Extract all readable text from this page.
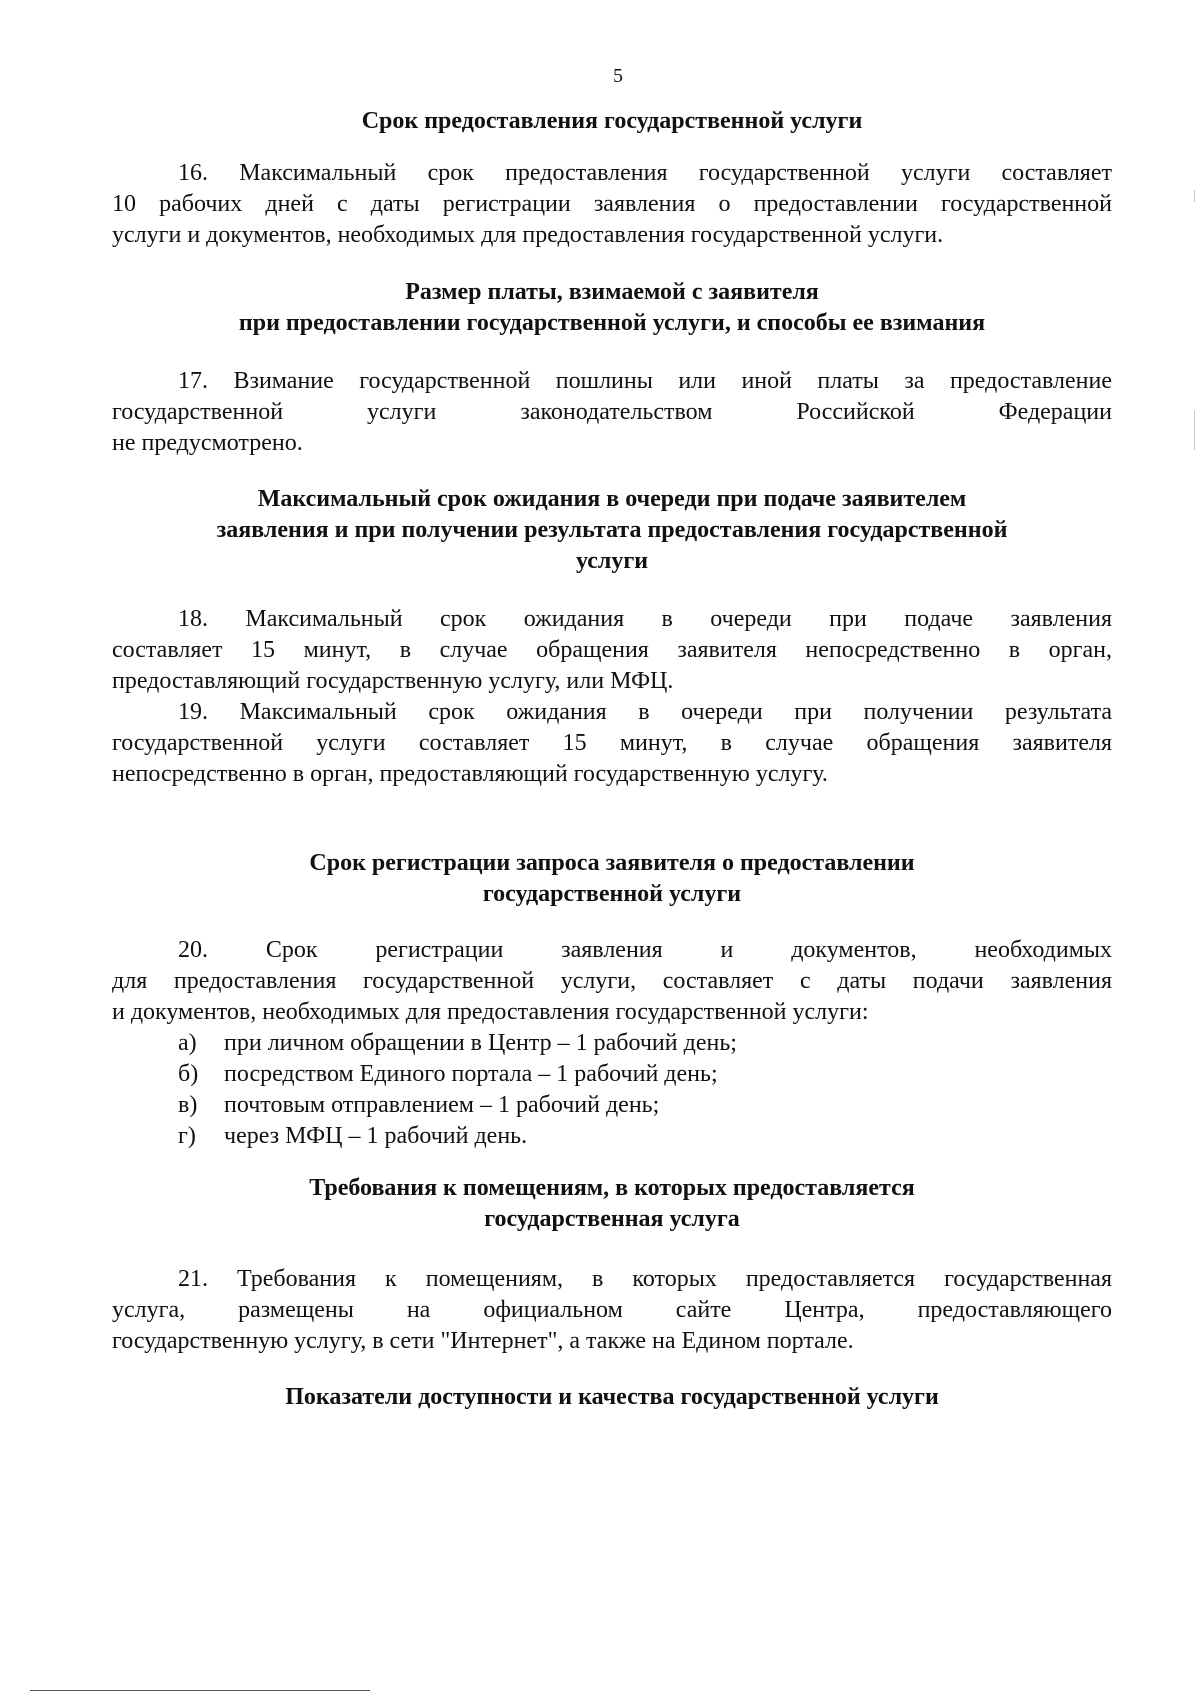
5
Срок предоставления государственной услуги
16. Максимальный срок предоставления государственной услуги составляет
10 рабочих дней с даты регистрации заявления о предоставлении государственной
услуги и документов, необходимых для предоставления государственной услуги.
Размер платы, взимаемой с заявителя
при предоставлении государственной услуги, и способы ее взимания
17. Взимание государственной пошлины или иной платы за предоставление
государственной услуги законодательством Российской Федерации
не предусмотрено.
Максимальный срок ожидания в очереди при подаче заявителем
заявления и при получении результата предоставления государственной
услуги
18. Максимальный срок ожидания в очереди при подаче заявления
составляет 15 минут, в случае обращения заявителя непосредственно в орган,
предоставляющий государственную услугу, или МФЦ.
19. Максимальный срок ожидания в очереди при получении результата
государственной услуги составляет 15 минут, в случае обращения заявителя
непосредственно в орган, предоставляющий государственную услугу.
Срок регистрации запроса заявителя о предоставлении
государственной услуги
20. Срок регистрации заявления и документов, необходимых
для предоставления государственной услуги, составляет с даты подачи заявления
и документов, необходимых для предоставления государственной услуги:
а)	при личном обращении в Центр – 1 рабочий день;
б)	посредством Единого портала – 1 рабочий день;
в)	почтовым отправлением – 1 рабочий день;
г)	через МФЦ – 1 рабочий день.
Требования к помещениям, в которых предоставляется
государственная услуга
21. Требования к помещениям, в которых предоставляется государственная
услуга, размещены на официальном сайте Центра, предоставляющего
государственную услугу, в сети "Интернет", а также на Едином портале.
Показатели доступности и качества государственной услуги
